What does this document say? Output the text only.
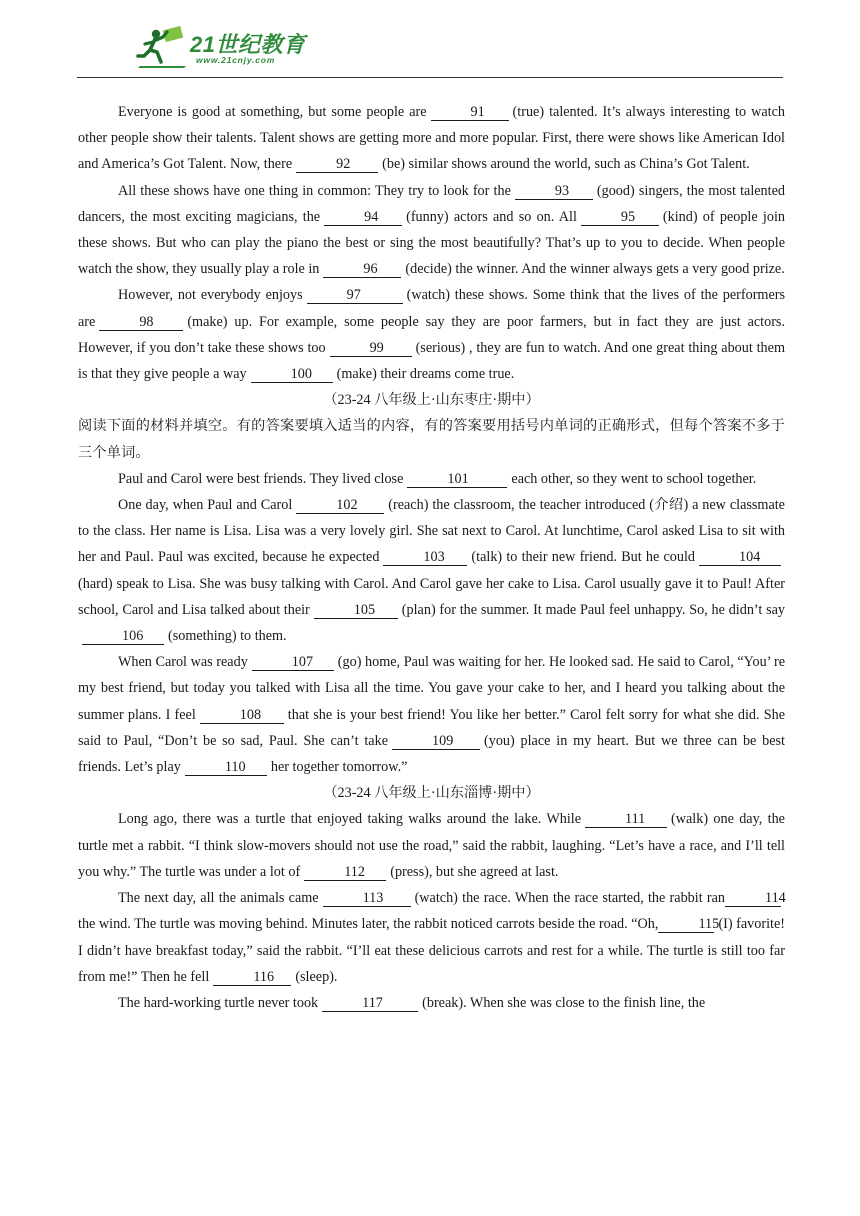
21世纪教育
www.21cnjy.com

Everyone is good at something, but some people are	91 (true) talented. It’s always interesting to watch other people show their talents. Talent shows are getting more and more popular. First, there were shows like American Idol and America’s Got Talent. Now, there	92 (be) similar shows around the world, such as China’s Got Talent.

All these shows have one thing in common: They try to look for the	93 (good) singers, the most talented dancers, the most exciting magicians, the	94 (funny) actors and so on. All	95 (kind) of people join these shows. But who can play the piano the best or sing the most beautifully? That’s up to you to decide. When people watch the show, they usually play a role in	96 (decide) the winner. And the winner always gets a very good prize.

However, not everybody enjoys	97	(watch) these shows. Some think that the lives of the performers are	98 (make) up. For example, some people say they are poor farmers, but in fact they are just actors. However, if you don’t take these shows too	99 (serious) , they are fun to watch. And one great thing about them is that they give people a way	100 (make) their dreams come true.

（23-24 八年级上·山东枣庄·期中）

阅读下面的材料并填空。有的答案要填入适当的内容，有的答案要用括号内单词的正确形式，但每个答案不多于三个单词。

Paul and Carol were best friends. They lived close	101	each other, so they went to school together.

One day, when Paul and Carol	102 (reach) the classroom, the teacher introduced (介绍) a new classmate to the class. Her name is Lisa. Lisa was a very lovely girl. She sat next to Carol. At lunchtime, Carol asked Lisa to sit with her and Paul. Paul was excited, because he expected	103 (talk) to their new friend. But he could	104(hard) speak to Lisa. She was busy talking with Carol. And Carol gave her cake to Lisa. Carol usually gave it to Paul! After school, Carol and Lisa talked about their	105 (plan) for the summer. It made Paul feel unhappy. So, he didn’t say106 (something) to them.

When Carol was ready	107 (go) home, Paul was waiting for her. He looked sad. He said to Carol, “You’ re my best friend, but today you talked with Lisa all the time. You gave your cake to her, and I heard you talking about the summer plans. I feel	108 that she is your best friend! You like her better.” Carol felt sorry for what she did. She said to Paul, “Don’t be so sad, Paul. She can’t take	109 (you) place in my heart. But we three can be best friends. Let’s play	110 her together tomorrow.”

（23-24 八年级上·山东淄博·期中）

Long ago, there was a turtle that enjoyed taking walks around the lake. While	111 (walk) one day, the turtle met a rabbit. “I think slow-movers should not use the road,” said the rabbit, laughing. “Let’s have a race, and I’ll tell you why.” The turtle was under a lot of	112 (press), but she agreed at last.

The next day, all the animals came	113 (watch) the race. When the race started, the rabbit ran	114the wind. The turtle was moving behind. Minutes later, the rabbit noticed carrots beside the road. “Oh,	115(I) favorite! I didn’t have breakfast today,” said the rabbit. “I’ll eat these delicious carrots and rest for a while. The turtle is still too far from me!” Then he fell	116 (sleep).

The hard-working turtle never took	117	(break). When she was close to the finish line, the
